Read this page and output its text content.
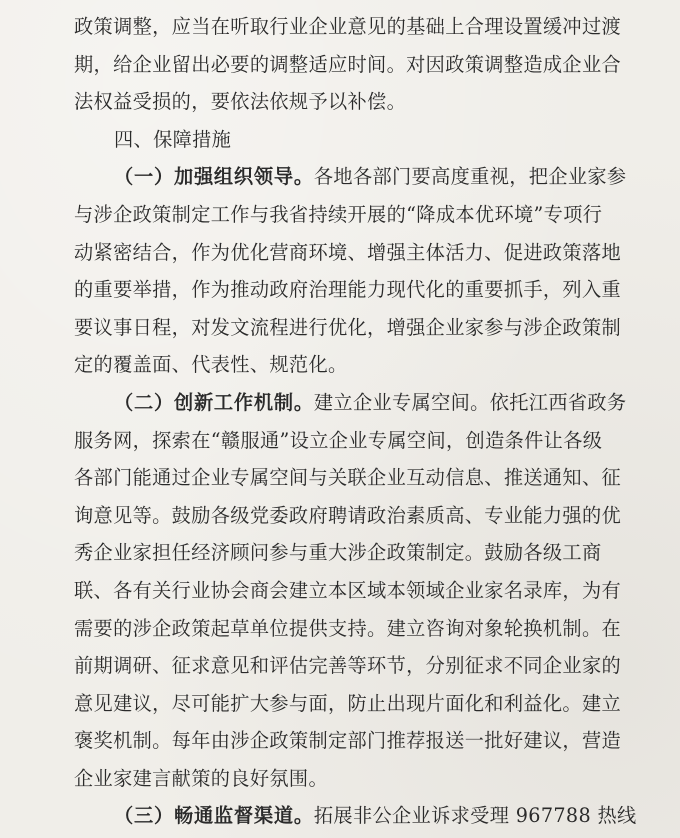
政策调整，应当在听取行业企业意见的基础上合理设置缓冲过渡
期，给企业留出必要的调整适应时间。对因政策调整造成企业合
法权益受损的，要依法依规予以补偿。
四、保障措施
（一）加强组织领导。各地各部门要高度重视，把企业家参
与涉企政策制定工作与我省持续开展的“降成本优环境”专项行
动紧密结合，作为优化营商环境、增强主体活力、促进政策落地
的重要举措，作为推动政府治理能力现代化的重要抓手，列入重
要议事日程，对发文流程进行优化，增强企业家参与涉企政策制
定的覆盖面、代表性、规范化。
（二）创新工作机制。建立企业专属空间。依托江西省政务
服务网，探索在“赣服通”设立企业专属空间，创造条件让各级
各部门能通过企业专属空间与关联企业互动信息、推送通知、征
询意见等。鼓励各级党委政府聘请政治素质高、专业能力强的优
秀企业家担任经济顾问参与重大涉企政策制定。鼓励各级工商
联、各有关行业协会商会建立本区域本领域企业家名录库，为有
需要的涉企政策起草单位提供支持。建立咨询对象轮换机制。在
前期调研、征求意见和评估完善等环节，分别征求不同企业家的
意见建议，尽可能扩大参与面，防止出现片面化和利益化。建立
褒奖机制。每年由涉企政策制定部门推荐报送一批好建议，营造
企业家建言献策的良好氛围。
（三）畅通监督渠道。拓展非公企业诉求受理 967788 热线
